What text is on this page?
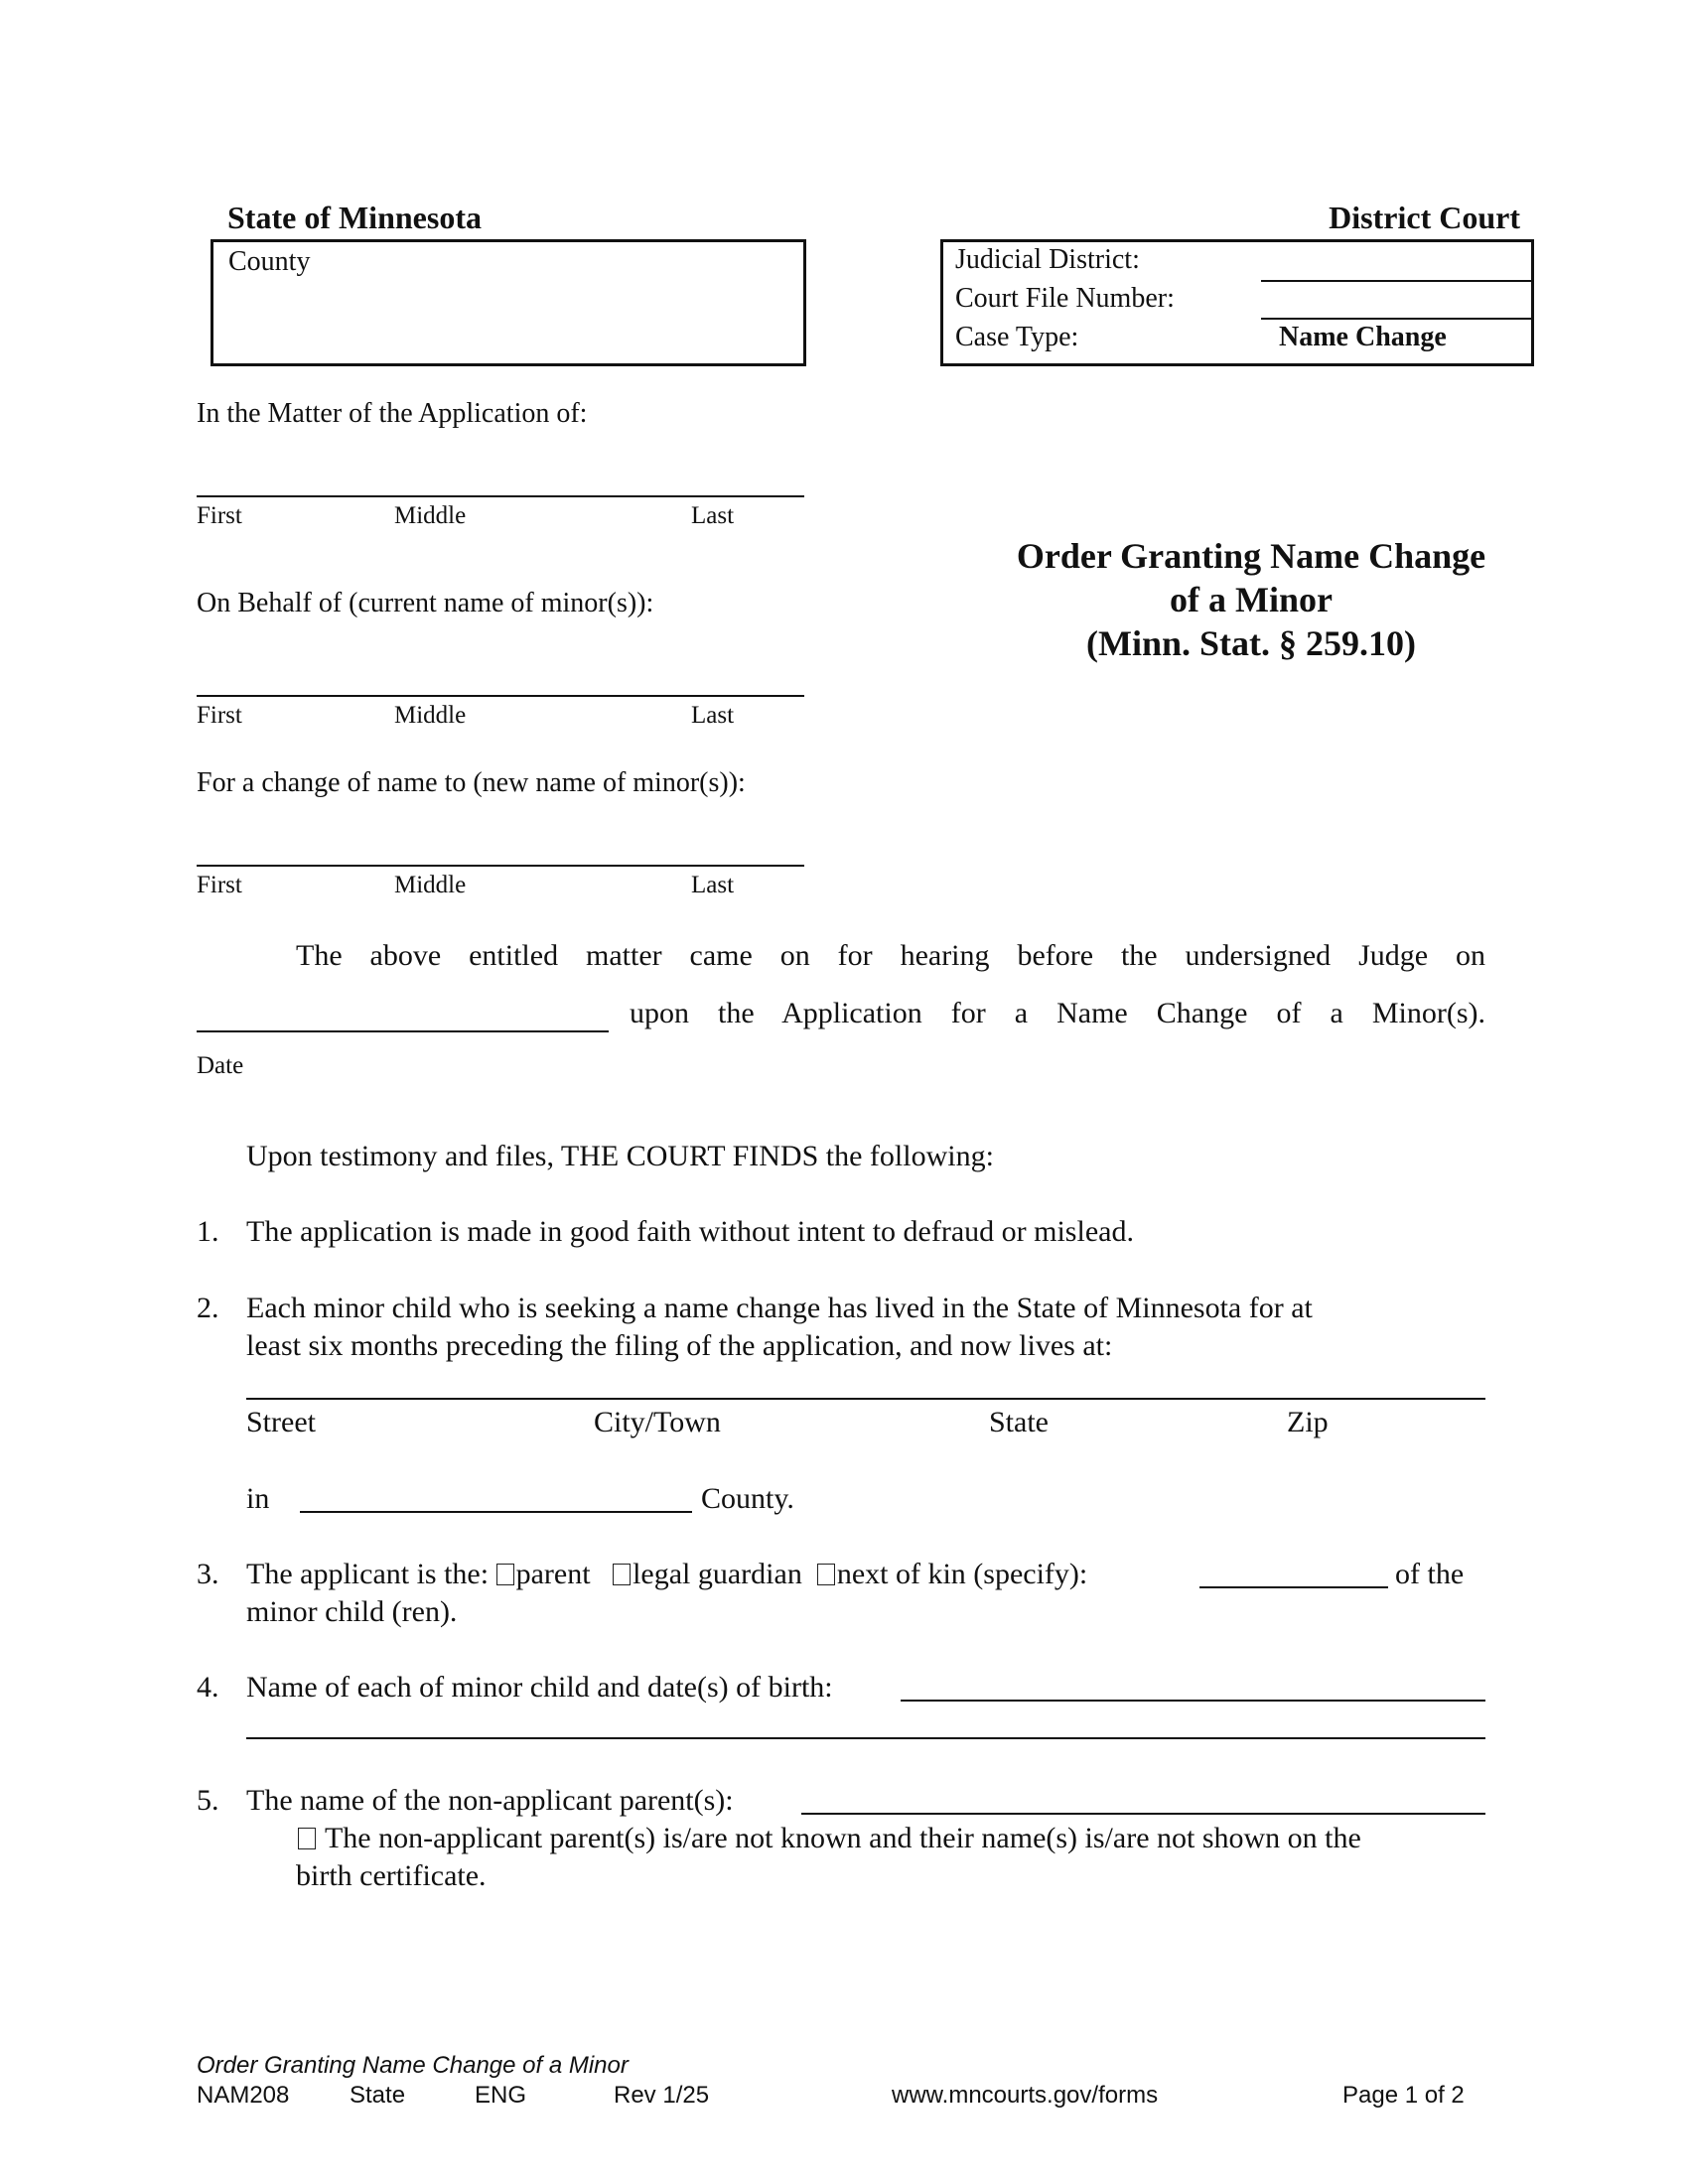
State of Minnesota	District Court
County	Judicial District:
Court File Number:
Case Type:	Name Change
In the Matter of the Application of:
First	Middle	Last
On Behalf of (current name of minor(s)):
First	Middle	Last
For a change of name to (new name of minor(s)):
First	Middle	Last
Order Granting Name Change
of a Minor
(Minn. Stat. § 259.10)
The above entitled matter came on for hearing before the undersigned Judge on
upon the Application for a Name Change of a Minor(s).
Date
Upon testimony and files, THE COURT FINDS the following:
1. The application is made in good faith without intent to defraud or mislead.
2. Each minor child who is seeking a name change has lived in the State of Minnesota for at
least six months preceding the filing of the application, and now lives at:
Street	City/Town	State	Zip
in	County.
3. The applicant is the: parent legal guardian next of kin (specify):	of the
minor child (ren).
4. Name of each of minor child and date(s) of birth:
5. The name of the non-applicant parent(s):
The non-applicant parent(s) is/are not known and their name(s) is/are not shown on the
birth certificate.
Order Granting Name Change of a Minor
NAM208	State	ENG	Rev 1/25	www.mncourts.gov/forms	Page 1 of 2
